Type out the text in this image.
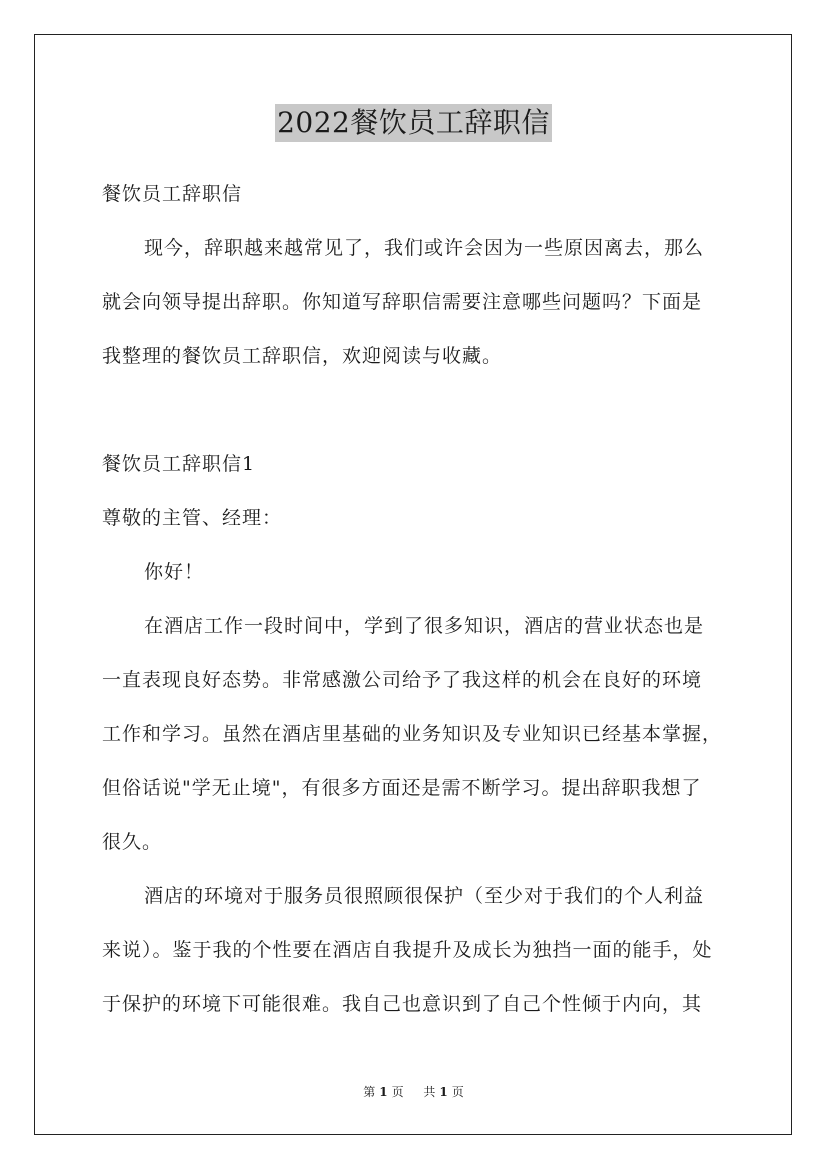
2022餐饮员工辞职信
餐饮员工辞职信
现今，辞职越来越常见了，我们或许会因为一些原因离去，那么
就会向领导提出辞职。你知道写辞职信需要注意哪些问题吗？下面是
我整理的餐饮员工辞职信，欢迎阅读与收藏。
餐饮员工辞职信1
尊敬的主管、经理：
你好！
在酒店工作一段时间中，学到了很多知识，酒店的营业状态也是
一直表现良好态势。非常感激公司给予了我这样的机会在良好的环境
工作和学习。虽然在酒店里基础的业务知识及专业知识已经基本掌握，
但俗话说"学无止境"，有很多方面还是需不断学习。提出辞职我想了
很久。
酒店的环境对于服务员很照顾很保护（至少对于我们的个人利益
来说）。鉴于我的个性要在酒店自我提升及成长为独挡一面的能手，处
于保护的环境下可能很难。我自己也意识到了自己个性倾于内向，其
第 1 页 共 1 页
